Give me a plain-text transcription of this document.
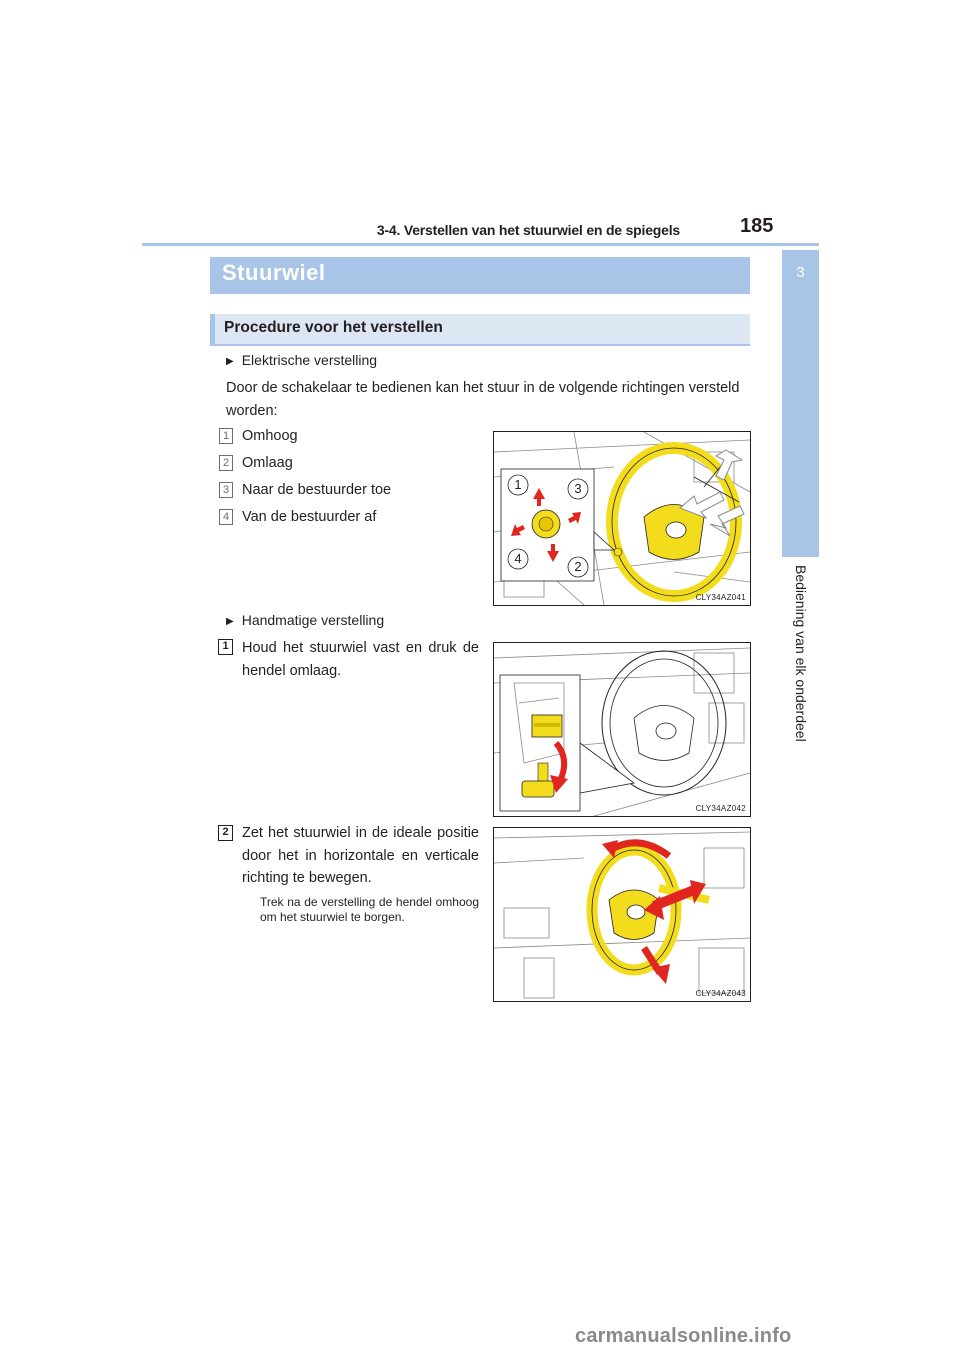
3-4. Verstellen van het stuurwiel en de spiegels	185
3
Bediening van elk onderdeel
Stuurwiel
Procedure voor het verstellen
▶ Elektrische verstelling
Door de schakelaar te bedienen kan het stuur in de volgende richtingen versteld worden:
1 Omhoog
2 Omlaag
3 Naar de bestuurder toe
4 Van de bestuurder af
1	3
4
2
CLY34AZ041
▶ Handmatige verstelling
1 Houd het stuurwiel vast en druk de hendel omlaag.
CLY34AZ042
2 Zet het stuurwiel in de ideale positie door het in horizontale en verticale richting te bewegen.
Trek na de verstelling de hendel omhoog om het stuurwiel te borgen.
CLY34AZ043
carmanualsonline.info
